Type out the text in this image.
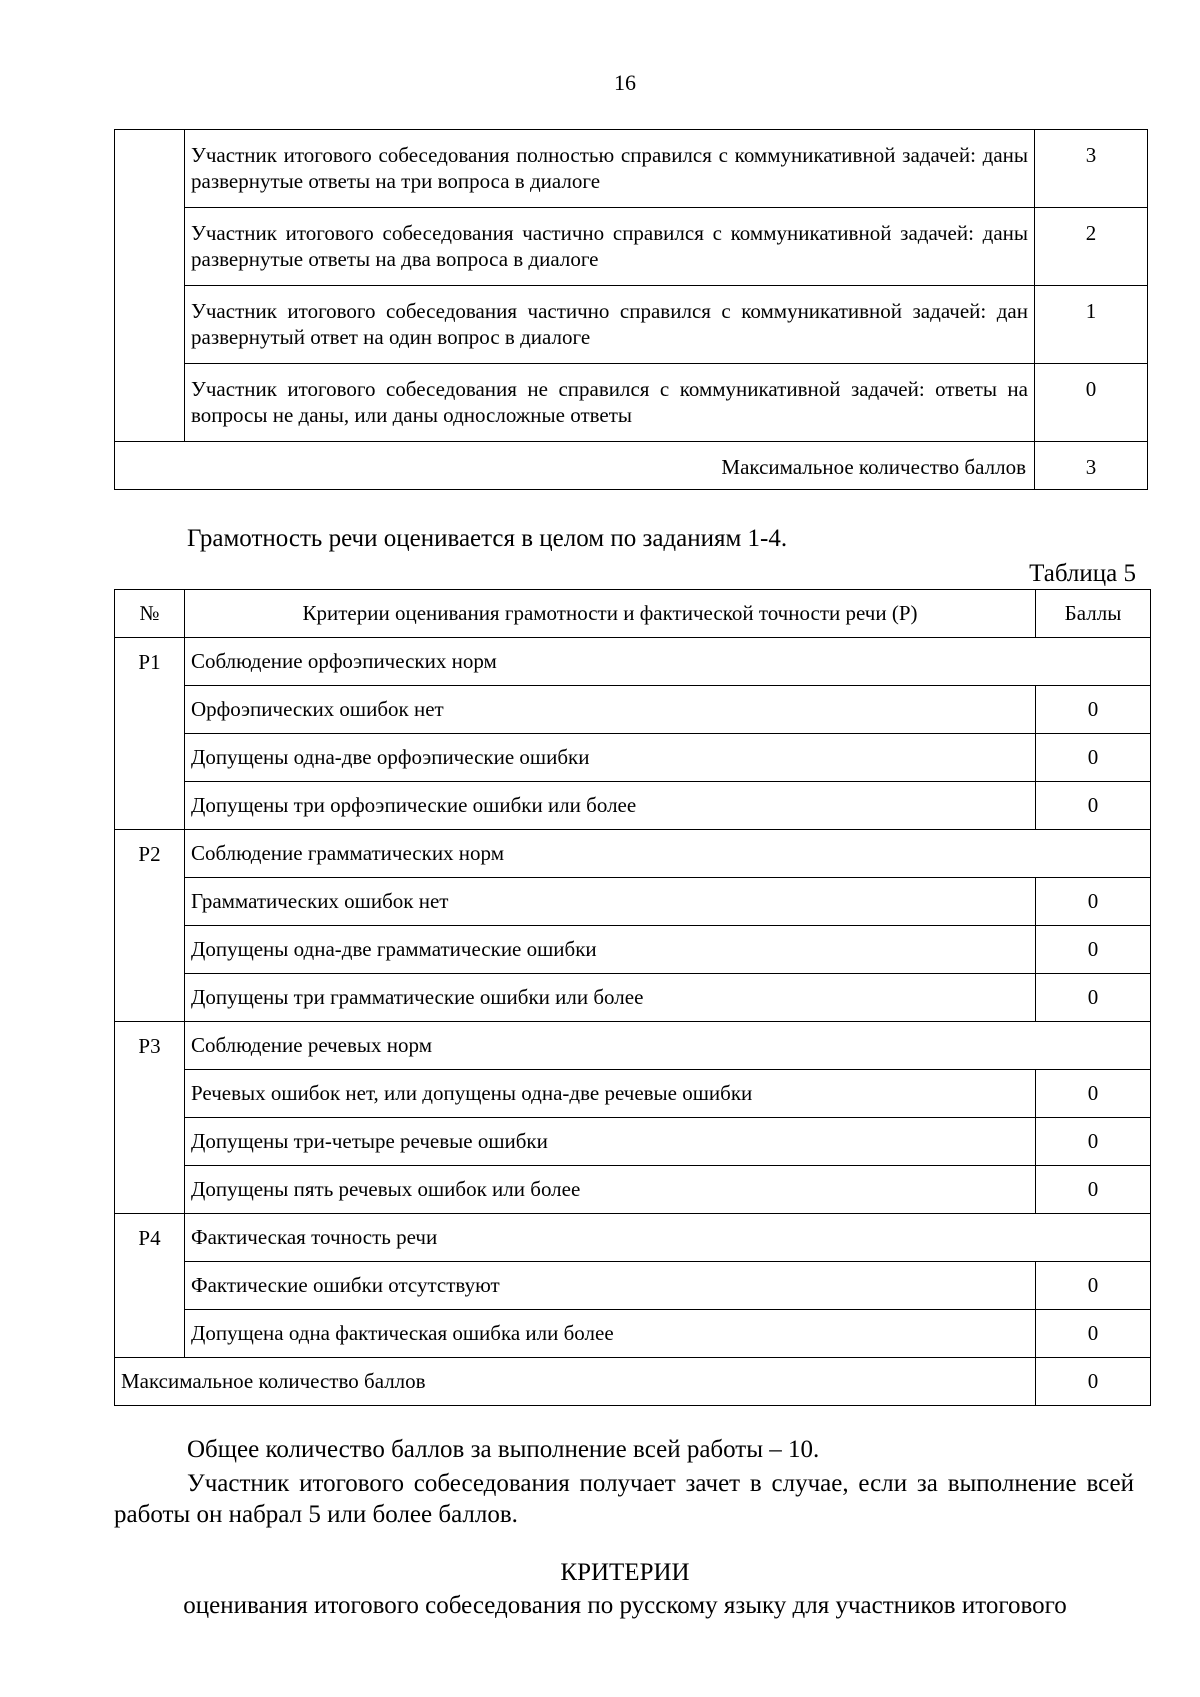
16
	Участник итогового собеседования полностью справился с коммуникативной задачей: даны развернутые ответы на три вопроса в диалоге	3
	Участник итогового собеседования частично справился с коммуникативной задачей: даны развернутые ответы на два вопроса в диалоге	2
	Участник итогового собеседования частично справился с коммуникативной задачей: дан развернутый ответ на один вопрос в диалоге	1
	Участник итогового собеседования не справился с коммуникативной задачей: ответы на вопросы не даны, или даны односложные ответы	0
Максимальное количество баллов		3

Грамотность речи оценивается в целом по заданиям 1-4.

Таблица 5

№	Критерии оценивания грамотности и фактической точности речи (Р)	Баллы
Р1	Соблюдение орфоэпических норм	
	Орфоэпических ошибок нет	0
	Допущены одна-две орфоэпические ошибки	0
	Допущены три орфоэпические ошибки или более	0
Р2	Соблюдение грамматических норм	
	Грамматических ошибок нет	0
	Допущены одна-две грамматические ошибки	0
	Допущены три грамматические ошибки или более	0
Р3	Соблюдение речевых норм	
	Речевых ошибок нет, или допущены одна-две речевые ошибки	0
	Допущены три-четыре речевые ошибки	0
	Допущены пять речевых ошибок или более	0
Р4	Фактическая точность речи	
	Фактические ошибки отсутствуют	0
	Допущена одна фактическая ошибка или более	0
Максимальное количество баллов		0

Общее количество баллов за выполнение всей работы – 10.

Участник итогового собеседования получает зачет в случае, если за выполнение всей работы он набрал 5 или более баллов.

КРИТЕРИИ

оценивания итогового собеседования по русскому языку для участников итогового
